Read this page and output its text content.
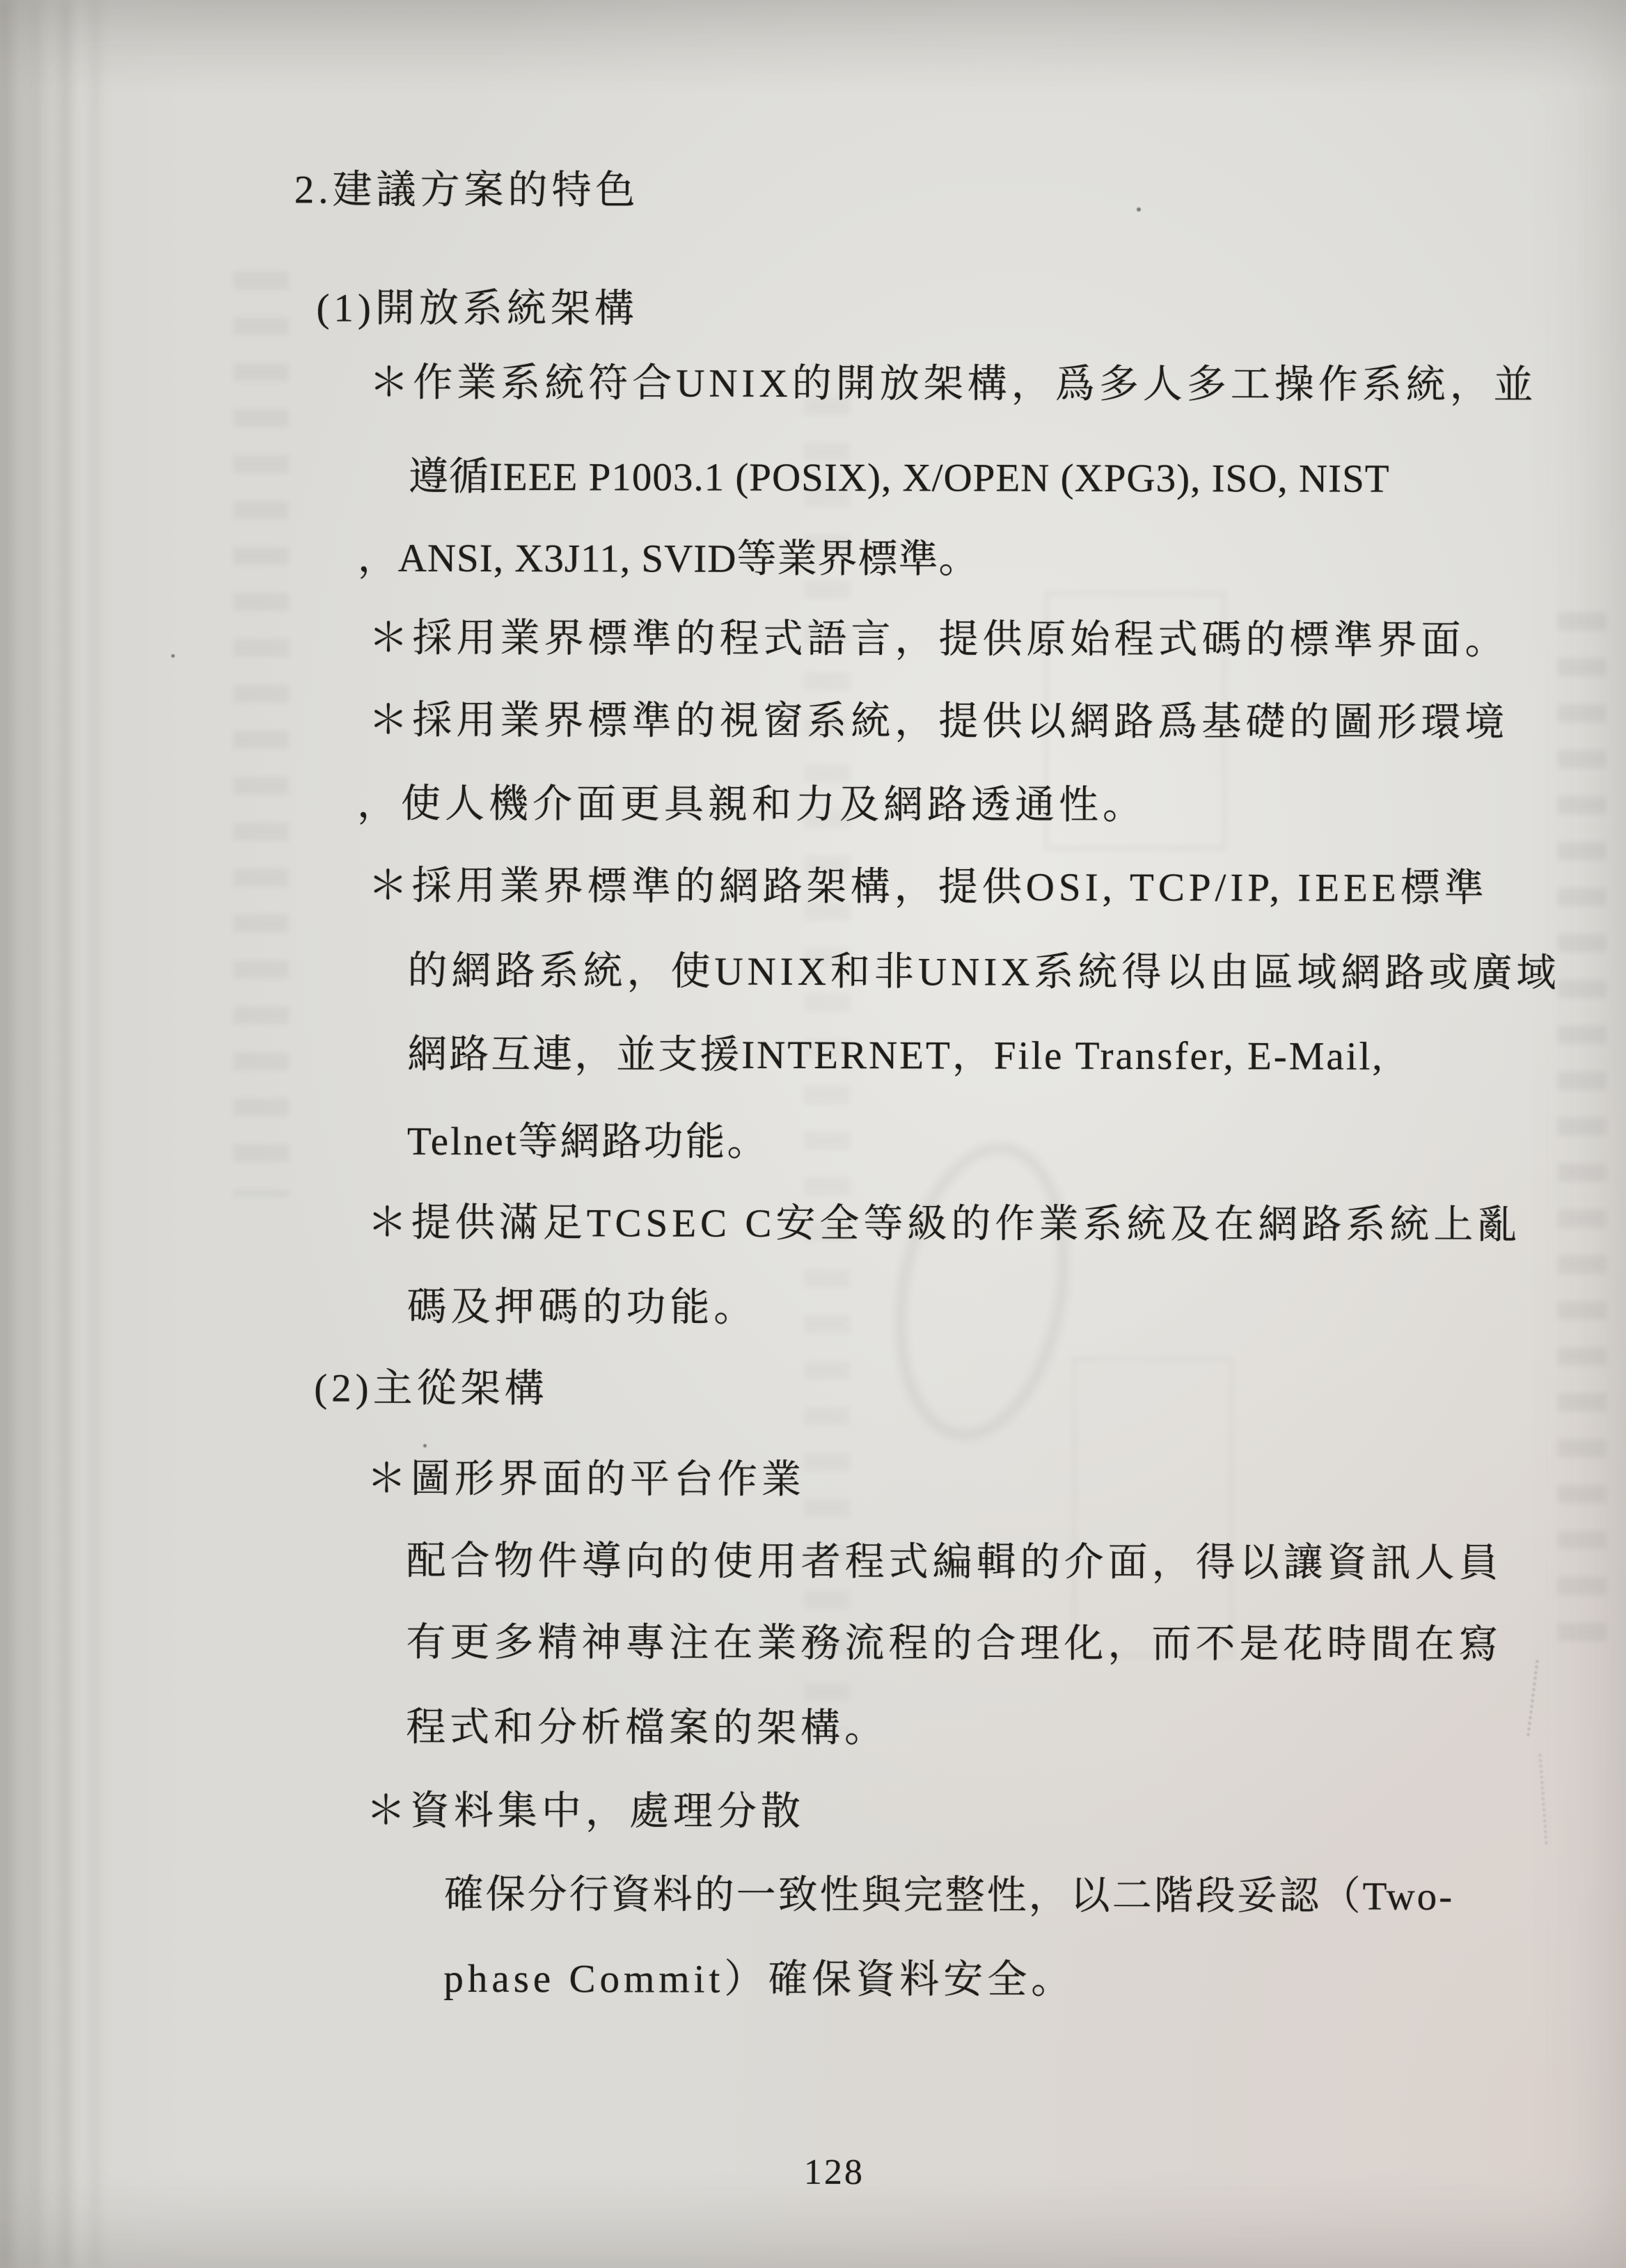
2.建議方案的特色
(1)開放系統架構
＊作業系統符合UNIX的開放架構，爲多人多工操作系統，並
遵循IEEE P1003.1 (POSIX), X/OPEN (XPG3), ISO, NIST
，ANSI, X3J11, SVID等業界標準。
＊採用業界標準的程式語言，提供原始程式碼的標準界面。
＊採用業界標準的視窗系統，提供以網路爲基礎的圖形環境
，使人機介面更具親和力及網路透通性。
＊採用業界標準的網路架構，提供OSI, TCP/IP, IEEE標準
的網路系統，使UNIX和非UNIX系統得以由區域網路或廣域
網路互連，並支援INTERNET，File Transfer, E-Mail,
Telnet等網路功能。
＊提供滿足TCSEC C安全等級的作業系統及在網路系統上亂
碼及押碼的功能。
(2)主從架構
＊圖形界面的平台作業
配合物件導向的使用者程式編輯的介面，得以讓資訊人員
有更多精神專注在業務流程的合理化，而不是花時間在寫
程式和分析檔案的架構。
＊資料集中，處理分散
確保分行資料的一致性與完整性，以二階段妥認（Two-
phase Commit）確保資料安全。
128
